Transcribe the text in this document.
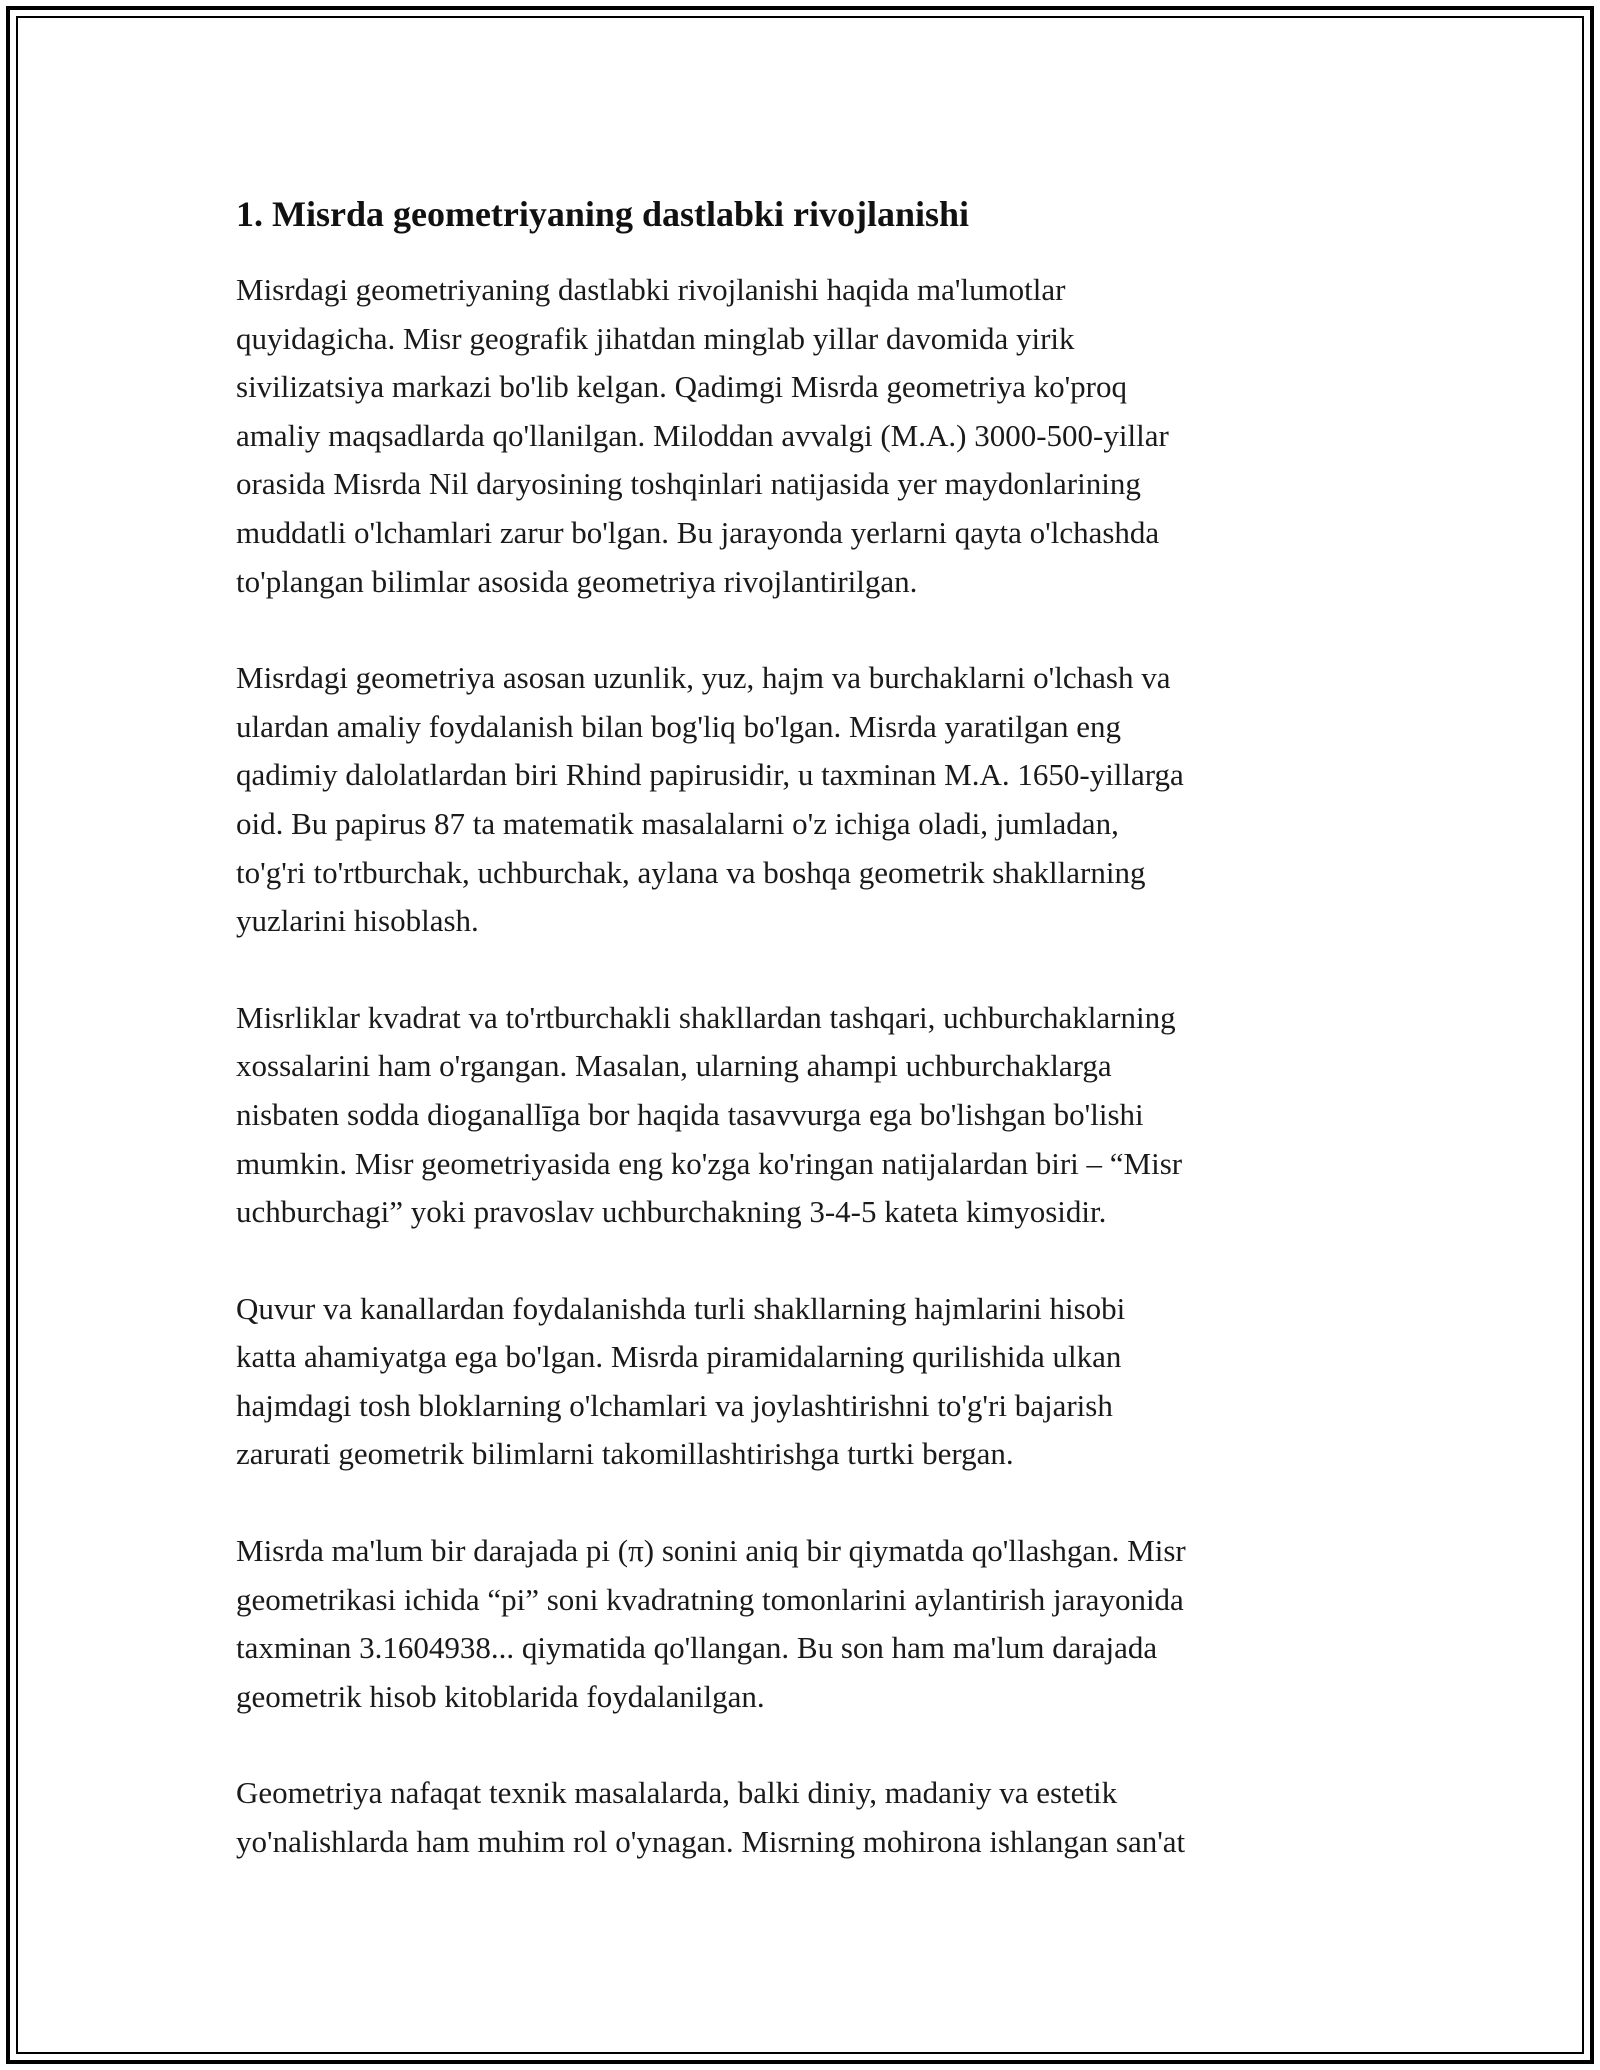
1. Misrda geometriyaning dastlabki rivojlanishi

Misrdagi geometriyaning dastlabki rivojlanishi haqida ma'lumotlar
quyidagicha. Misr geografik jihatdan minglab yillar davomida yirik
sivilizatsiya markazi bo'lib kelgan. Qadimgi Misrda geometriya ko'proq
amaliy maqsadlarda qo'llanilgan. Miloddan avvalgi (M.A.) 3000-500-yillar
orasida Misrda Nil daryosining toshqinlari natijasida yer maydonlarining
muddatli o'lchamlari zarur bo'lgan. Bu jarayonda yerlarni qayta o'lchashda
to'plangan bilimlar asosida geometriya rivojlantirilgan.

Misrdagi geometriya asosan uzunlik, yuz, hajm va burchaklarni o'lchash va
ulardan amaliy foydalanish bilan bog'liq bo'lgan. Misrda yaratilgan eng
qadimiy dalolatlardan biri Rhind papirusidir, u taxminan M.A. 1650-yillarga
oid. Bu papirus 87 ta matematik masalalarni o'z ichiga oladi, jumladan,
to'g'ri to'rtburchak, uchburchak, aylana va boshqa geometrik shakllarning
yuzlarini hisoblash.

Misrliklar kvadrat va to'rtburchakli shakllardan tashqari, uchburchaklarning
xossalarini ham o'rgangan. Masalan, ularning ahampi uchburchaklarga
nisbaten sodda dioganallīga bor haqida tasavvurga ega bo'lishgan bo'lishi
mumkin. Misr geometriyasida eng ko'zga ko'ringan natijalardan biri – “Misr
uchburchagi” yoki pravoslav uchburchakning 3-4-5 kateta kimyosidir.

Quvur va kanallardan foydalanishda turli shakllarning hajmlarini hisobi
katta ahamiyatga ega bo'lgan. Misrda piramidalarning qurilishida ulkan
hajmdagi tosh bloklarning o'lchamlari va joylashtirishni to'g'ri bajarish
zarurati geometrik bilimlarni takomillashtirishga turtki bergan.

Misrda ma'lum bir darajada pi (π) sonini aniq bir qiymatda qo'llashgan. Misr
geometrikasi ichida “pi” soni kvadratning tomonlarini aylantirish jarayonida
taxminan 3.1604938... qiymatida qo'llangan. Bu son ham ma'lum darajada
geometrik hisob kitoblarida foydalanilgan.

Geometriya nafaqat texnik masalalarda, balki diniy, madaniy va estetik
yo'nalishlarda ham muhim rol o'ynagan. Misrning mohirona ishlangan san'at
